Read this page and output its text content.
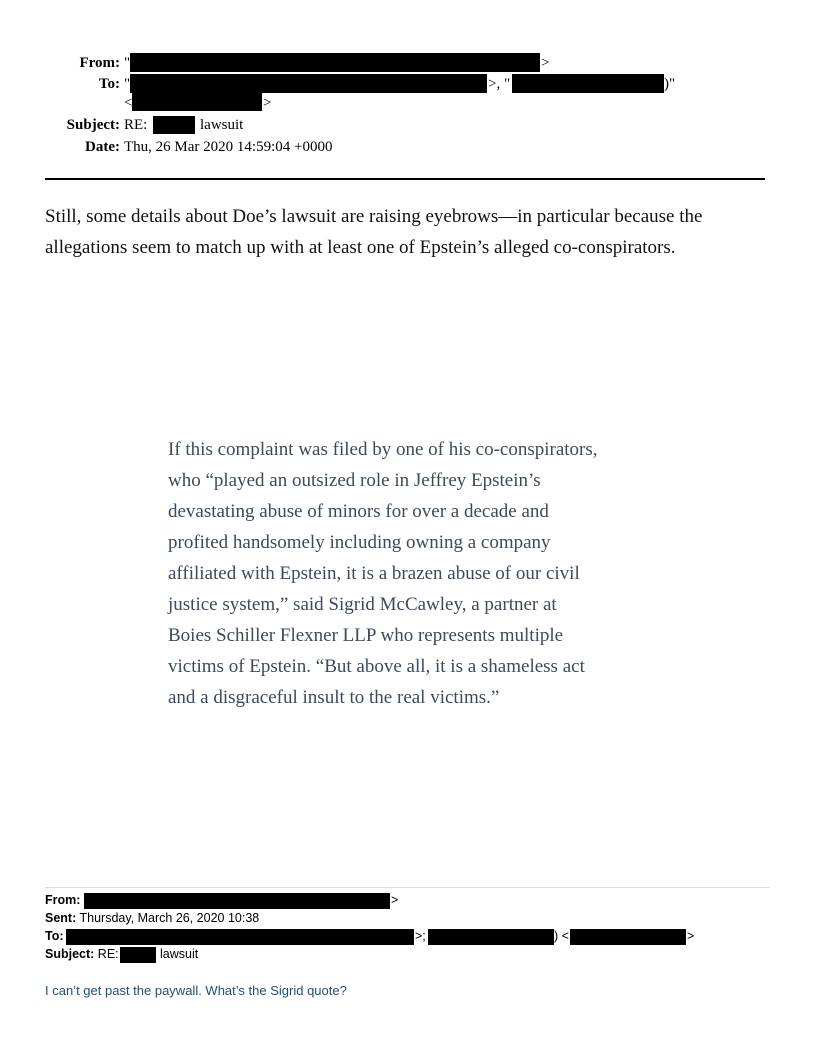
From: "	>
To: "	>, "	)"
<	>
Subject: RE:	lawsuit
Date: Thu, 26 Mar 2020 14:59:04 +0000
Still, some details about Doe’s lawsuit are raising eyebrows—in particular because the allegations seem to match up with at least one of Epstein’s alleged co-conspirators.
If this complaint was filed by one of his co-conspirators,
who “played an outsized role in Jeffrey Epstein’s
devastating abuse of minors for over a decade and
profited handsomely including owning a company
affiliated with Epstein, it is a brazen abuse of our civil
justice system,” said Sigrid McCawley, a partner at
Boies Schiller Flexner LLP who represents multiple
victims of Epstein. “But above all, it is a shameless act
and a disgraceful insult to the real victims.”
From:	>
Sent: Thursday, March 26, 2020 10:38
To:	>;	) <	>
Subject: RE:	lawsuit
I can’t get past the paywall. What’s the Sigrid quote?
